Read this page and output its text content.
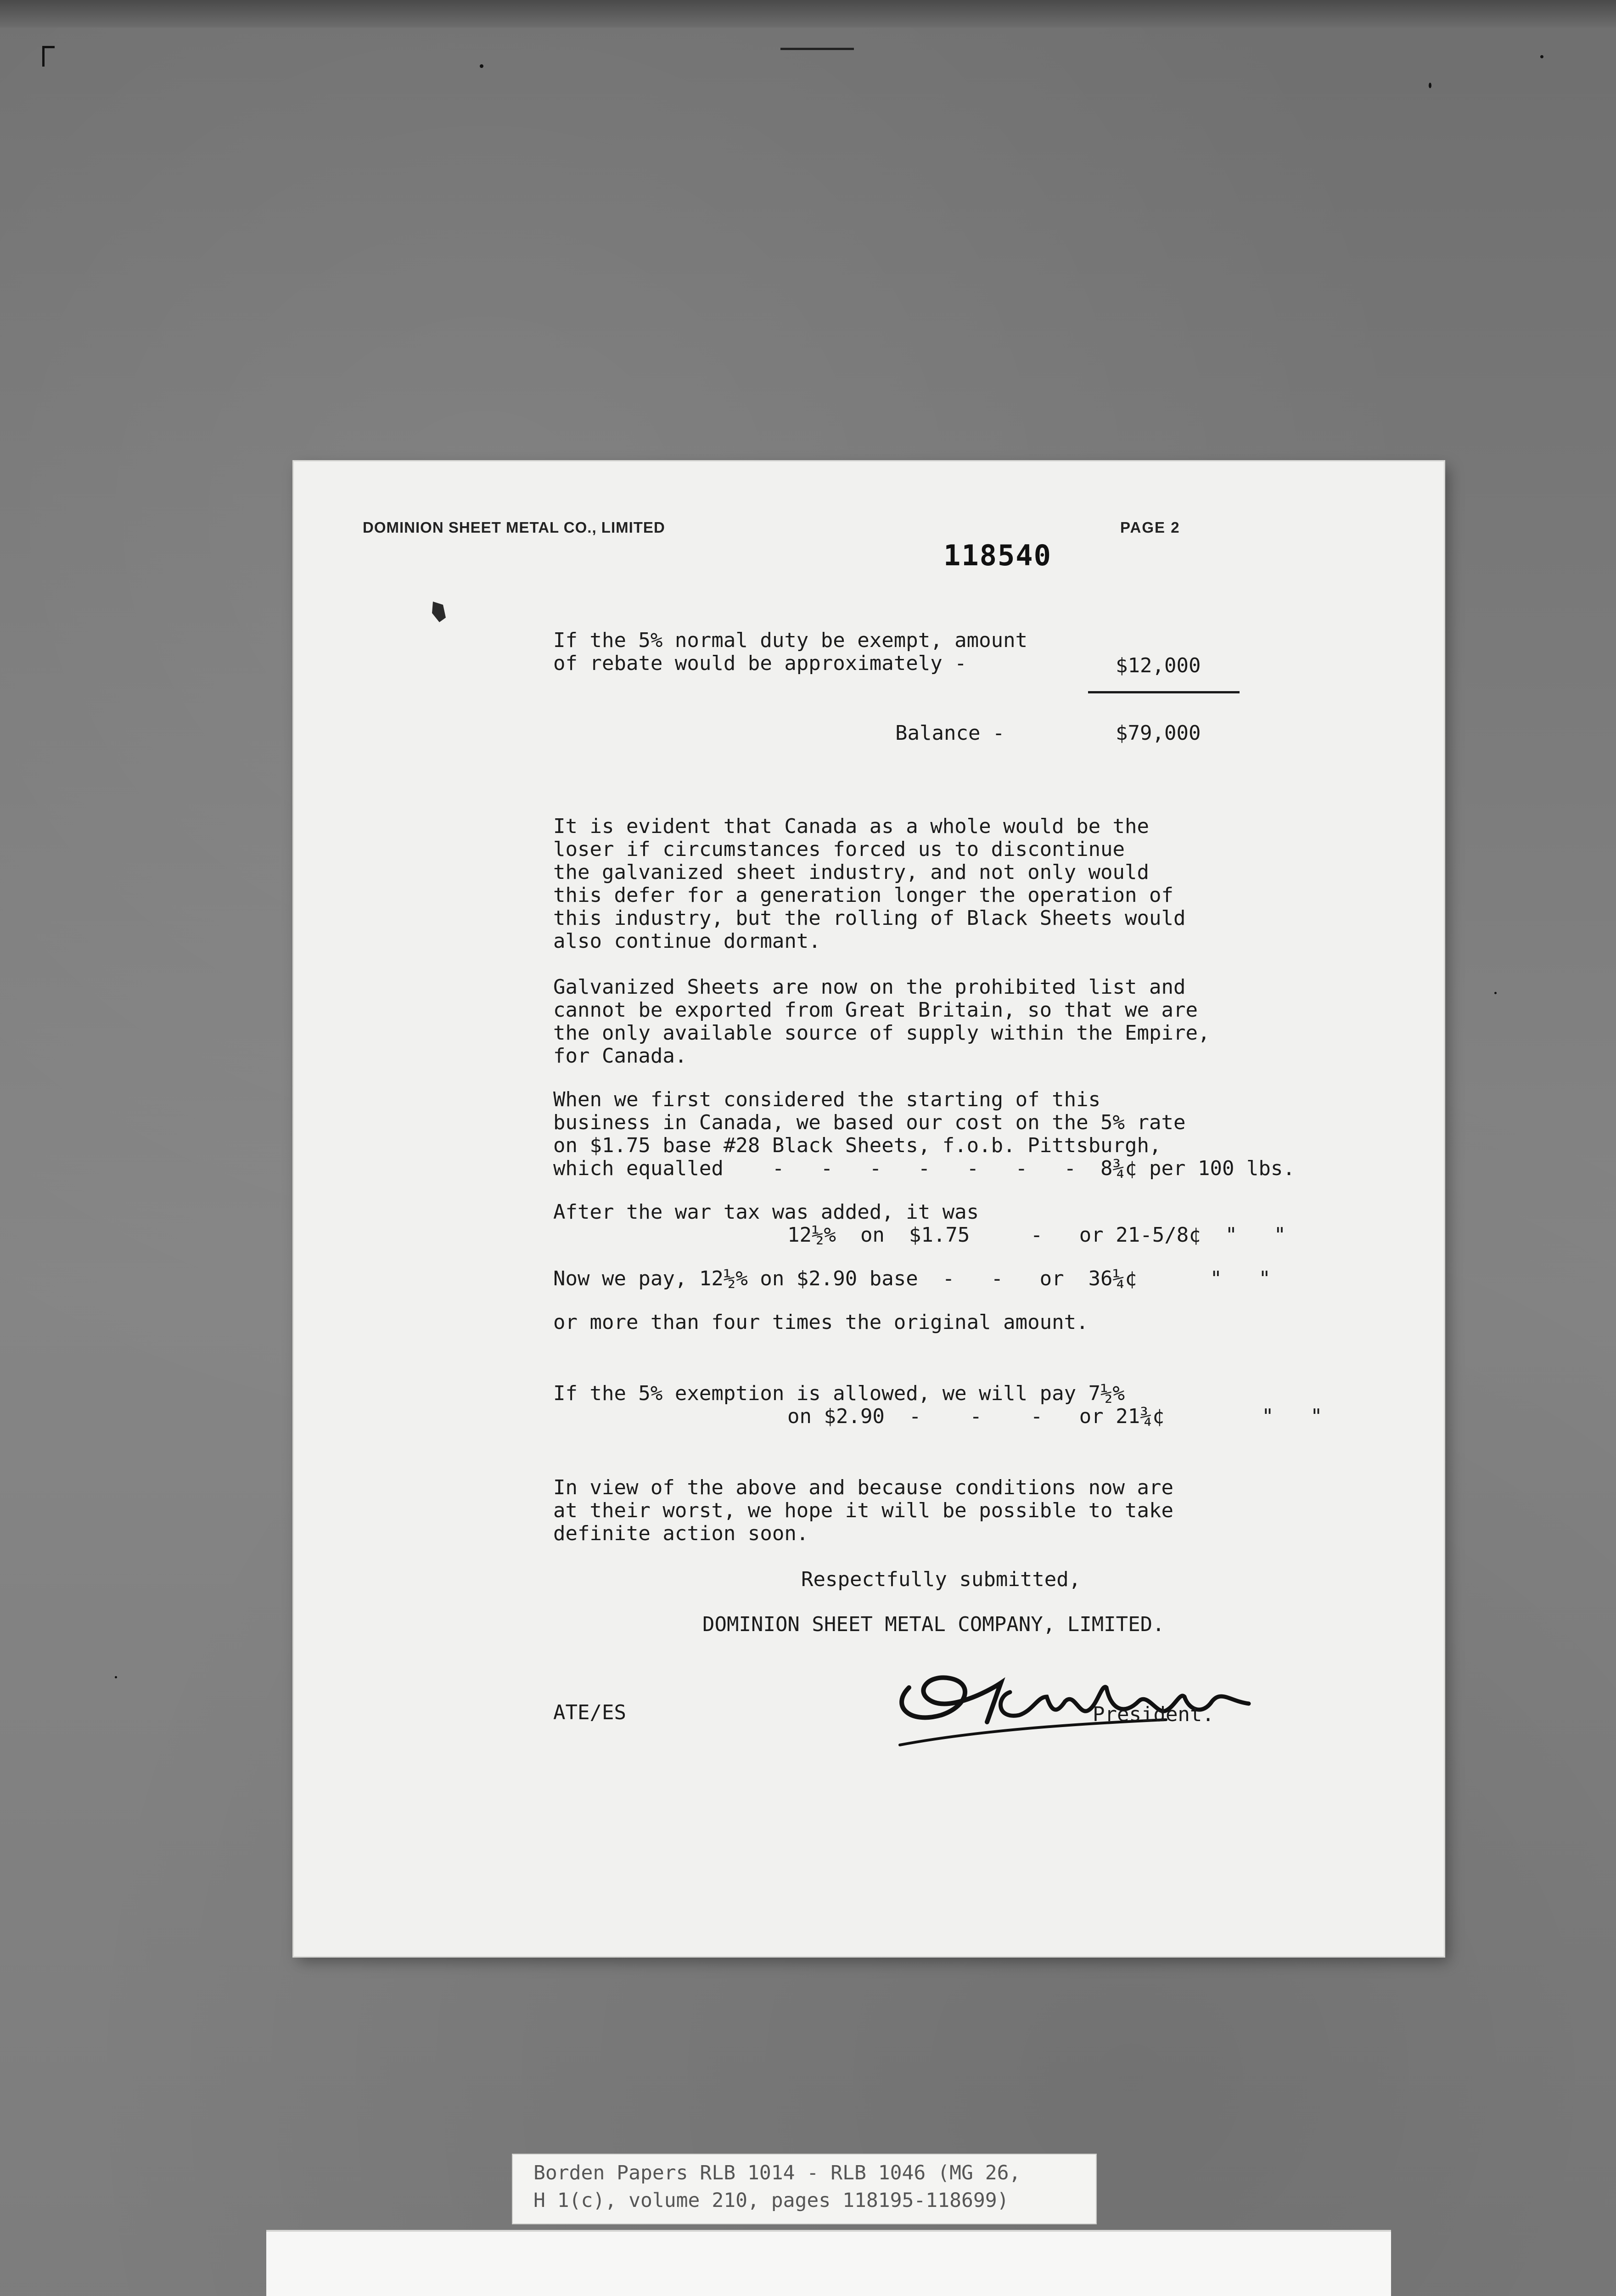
DOMINION SHEET METAL CO., LIMITED	PAGE 2
118540
If the 5% normal duty be exempt, amount
of rebate would be approximately -	$12,000
Balance -	$79,000
It is evident that Canada as a whole would be the
loser if circumstances forced us to discontinue
the galvanized sheet industry, and not only would
this defer for a generation longer the operation of
this industry, but the rolling of Black Sheets would
also continue dormant.
Galvanized Sheets are now on the prohibited list and
cannot be exported from Great Britain, so that we are
the only available source of supply within the Empire,
for Canada.
When we first considered the starting of this
business in Canada, we based our cost on the 5% rate
on $1.75 base #28 Black Sheets, f.o.b. Pittsburgh,
which equalled    -   -   -   -   -   -   -  8¾¢ per 100 lbs.
After the war tax was added, it was
12½%  on  $1.75     -   or 21-5/8¢  "   "
Now we pay, 12½% on $2.90 base  -   -   or  36¼¢      "   "
or more than four times the original amount.
If the 5% exemption is allowed, we will pay 7½%
on $2.90  -    -    -   or 21¾¢        "   "
In view of the above and because conditions now are
at their worst, we hope it will be possible to take
definite action soon.
Respectfully submitted,
DOMINION SHEET METAL COMPANY, LIMITED.
President.
ATE/ES
Borden Papers RLB 1014 - RLB 1046 (MG 26,
H 1(c), volume 210, pages 118195-118699)
